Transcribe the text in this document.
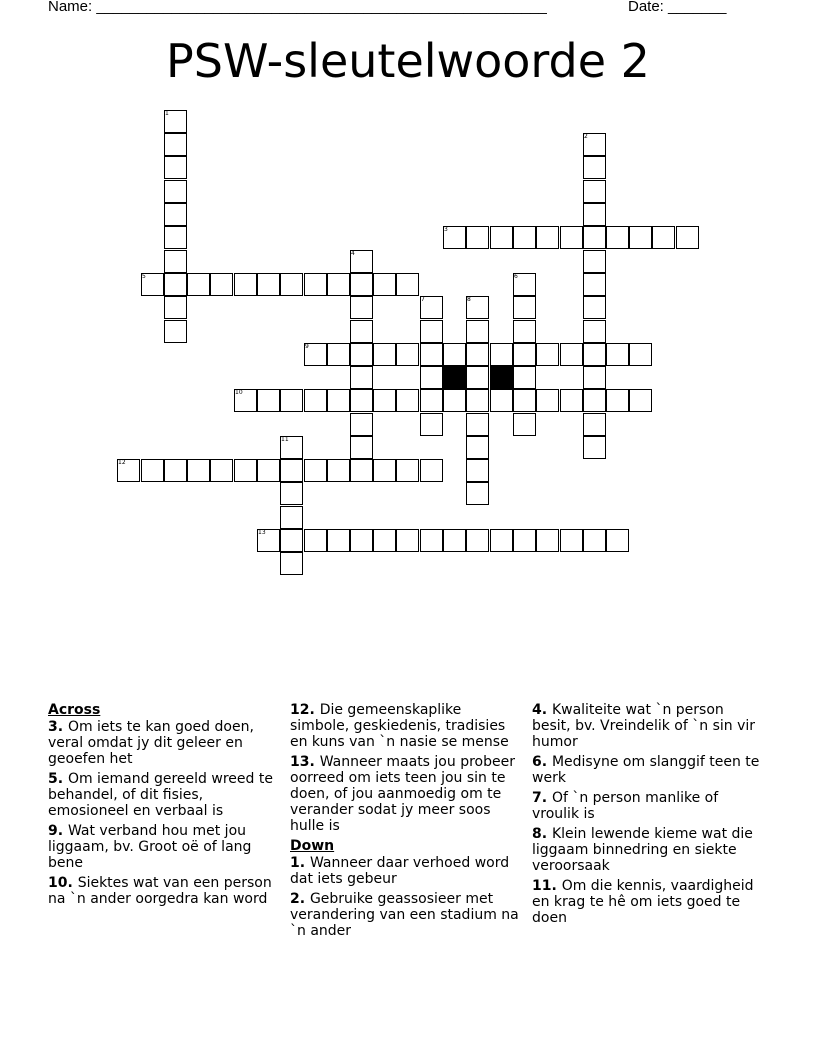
Name: ______________________________________________________	Date: _______
PSW-sleutelwoorde 2
1
2
3
4
5	6
7	8
9
10
11
12
13
Across
3. Om iets te kan goed doen, veral omdat jy dit geleer en geoefen het
5. Om iemand gereeld wreed te behandel, of dit fisies, emosioneel en verbaal is
9. Wat verband hou met jou liggaam, bv. Groot oë of lang bene
10. Siektes wat van een person na `n ander oorgedra kan word
12. Die gemeenskaplike simbole, geskiedenis, tradisies en kuns van `n nasie se mense
13. Wanneer maats jou probeer oorreed om iets teen jou sin te doen, of jou aanmoedig om te verander sodat jy meer soos hulle is
Down
1. Wanneer daar verhoed word dat iets gebeur
2. Gebruike geassosieer met verandering van een stadium na `n ander
4. Kwaliteite wat `n person besit, bv. Vreindelik of `n sin vir humor
6. Medisyne om slanggif teen te werk
7. Of `n person manlike of vroulik is
8. Klein lewende kieme wat die liggaam binnedring en siekte veroorsaak
11. Om die kennis, vaardigheid en krag te hê om iets goed te doen
